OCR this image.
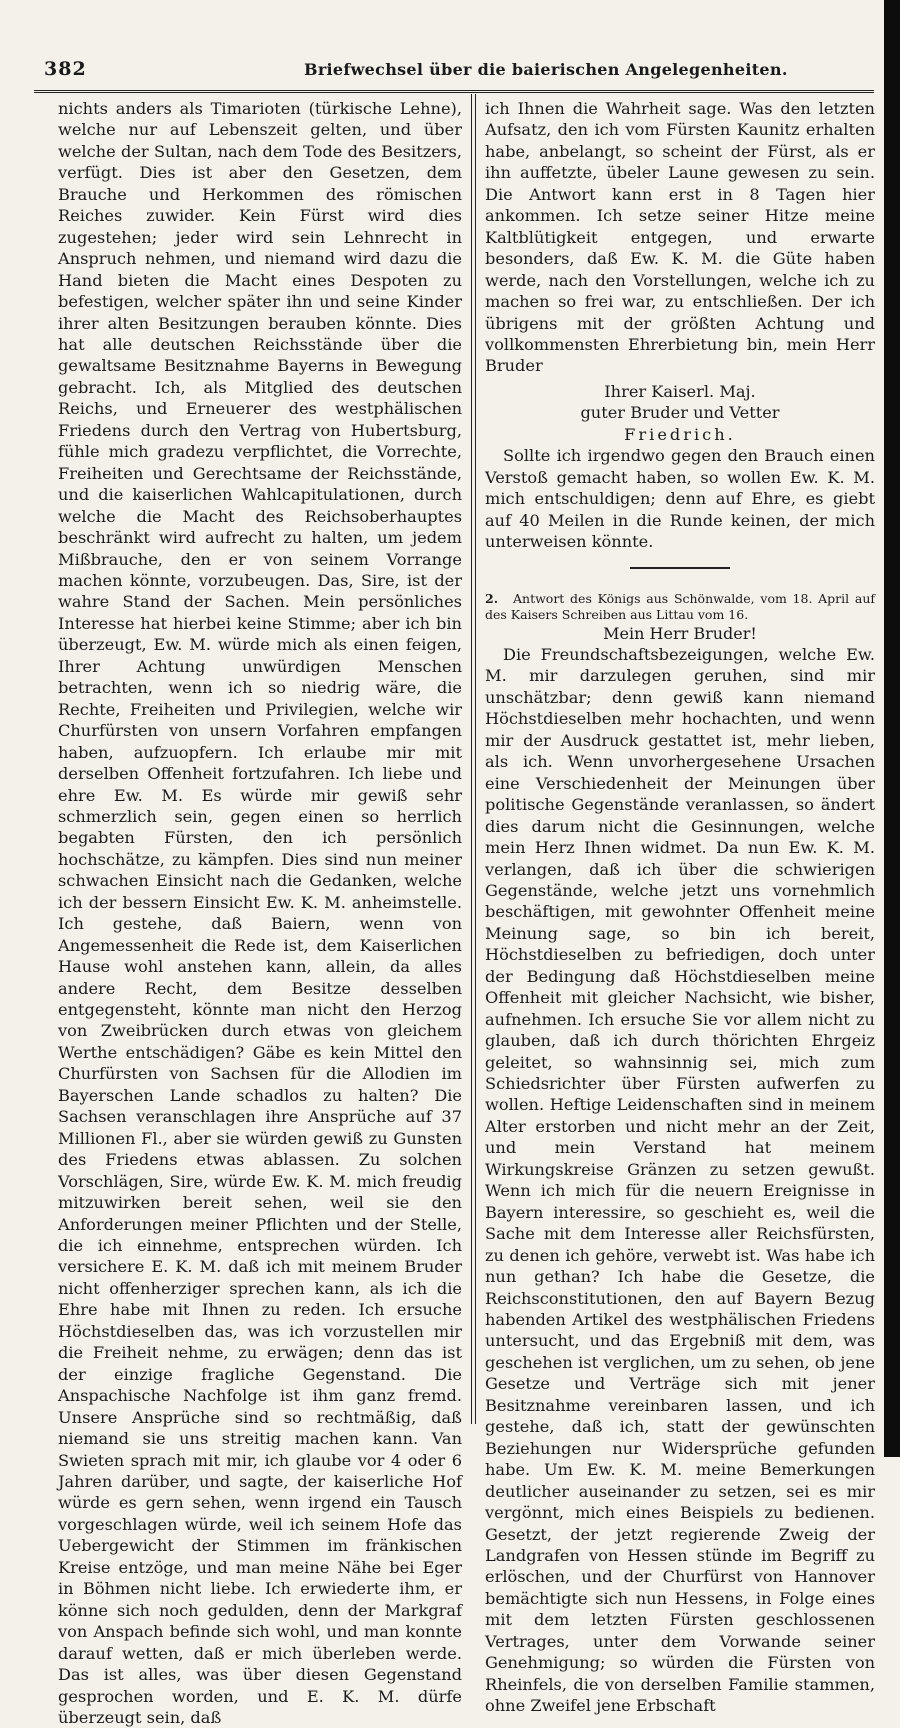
382	Briefwechsel über die baierischen Angelegenheiten.

nichts anders als Timarioten (türkische Lehne), welche nur auf Lebenszeit gelten, und über welche der Sultan, nach dem Tode des Besitzers, verfügt. Dies ist aber den Gesetzen, dem Brauche und Herkommen des römischen Reiches zuwider. Kein Fürst wird dies zugestehen; jeder wird sein Lehnrecht in Anspruch nehmen, und niemand wird dazu die Hand bieten die Macht eines Despoten zu befestigen, welcher später ihn und seine Kinder ihrer alten Besitzungen berauben könnte. Dies hat alle deutschen Reichsstände über die gewaltsame Besitznahme Bayerns in Bewegung gebracht. Ich, als Mitglied des deutschen Reichs, und Erneuerer des westphälischen Friedens durch den Vertrag von Hubertsburg, fühle mich gradezu verpflichtet, die Vorrechte, Freiheiten und Gerechtsame der Reichsstände, und die kaiserlichen Wahlcapitulationen, durch welche die Macht des Reichsoberhauptes beschränkt wird aufrecht zu halten, um jedem Mißbrauche, den er von seinem Vorrange machen könnte, vorzubeugen. Das, Sire, ist der wahre Stand der Sachen. Mein persönliches Interesse hat hierbei keine Stimme; aber ich bin überzeugt, Ew. M. würde mich als einen feigen, Ihrer Achtung unwürdigen Menschen betrachten, wenn ich so niedrig wäre, die Rechte, Freiheiten und Privilegien, welche wir Churfürsten von unsern Vorfahren empfangen haben, aufzuopfern. Ich erlaube mir mit derselben Offenheit fortzufahren. Ich liebe und ehre Ew. M. Es würde mir gewiß sehr schmerzlich sein, gegen einen so herrlich begabten Fürsten, den ich persönlich hochschätze, zu kämpfen. Dies sind nun meiner schwachen Einsicht nach die Gedanken, welche ich der bessern Einsicht Ew. K. M. anheimstelle. Ich gestehe, daß Baiern, wenn von Angemessenheit die Rede ist, dem Kaiserlichen Hause wohl anstehen kann, allein, da alles andere Recht, dem Besitze desselben entgegensteht, könnte man nicht den Herzog von Zweibrücken durch etwas von gleichem Werthe entschädigen? Gäbe es kein Mittel den Churfürsten von Sachsen für die Allodien im Bayerschen Lande schadlos zu halten? Die Sachsen veranschlagen ihre Ansprüche auf 37 Millionen Fl., aber sie würden gewiß zu Gunsten des Friedens etwas ablassen. Zu solchen Vorschlägen, Sire, würde Ew. K. M. mich freudig mitzuwirken bereit sehen, weil sie den Anforderungen meiner Pflichten und der Stelle, die ich einnehme, entsprechen würden. Ich versichere E. K. M. daß ich mit meinem Bruder nicht offenherziger sprechen kann, als ich die Ehre habe mit Ihnen zu reden. Ich ersuche Höchstdieselben das, was ich vorzustellen mir die Freiheit nehme, zu erwägen; denn das ist der einzige fragliche Gegenstand. Die Anspachische Nachfolge ist ihm ganz fremd. Unsere Ansprüche sind so rechtmäßig, daß niemand sie uns streitig machen kann. Van Swieten sprach mit mir, ich glaube vor 4 oder 6 Jahren darüber, und sagte, der kaiserliche Hof würde es gern sehen, wenn irgend ein Tausch vorgeschlagen würde, weil ich seinem Hofe das Uebergewicht der Stimmen im fränkischen Kreise entzöge, und man meine Nähe bei Eger in Böhmen nicht liebe. Ich erwiederte ihm, er könne sich noch gedulden, denn der Markgraf von Anspach befinde sich wohl, und man konnte darauf wetten, daß er mich überleben werde. Das ist alles, was über diesen Gegenstand gesprochen worden, und E. K. M. dürfe überzeugt sein, daß

ich Ihnen die Wahrheit sage. Was den letzten Aufsatz, den ich vom Fürsten Kaunitz erhalten habe, anbelangt, so scheint der Fürst, als er ihn auffetzte, übeler Laune gewesen zu sein. Die Antwort kann erst in 8 Tagen hier ankommen. Ich setze seiner Hitze meine Kaltblütigkeit entgegen, und erwarte besonders, daß Ew. K. M. die Güte haben werde, nach den Vorstellungen, welche ich zu machen so frei war, zu entschließen. Der ich übrigens mit der größten Achtung und vollkommensten Ehrerbietung bin, mein Herr Bruder

Ihrer Kaiserl. Maj.
guter Bruder und Vetter
Friedrich.

Sollte ich irgendwo gegen den Brauch einen Verstoß gemacht haben, so wollen Ew. K. M. mich entschuldigen; denn auf Ehre, es giebt auf 40 Meilen in die Runde keinen, der mich unterweisen könnte.

2. Antwort des Königs aus Schönwalde, vom 18. April auf des Kaisers Schreiben aus Littau vom 16.

Mein Herr Bruder!

Die Freundschaftsbezeigungen, welche Ew. M. mir darzulegen geruhen, sind mir unschätzbar; denn gewiß kann niemand Höchstdieselben mehr hochachten, und wenn mir der Ausdruck gestattet ist, mehr lieben, als ich. Wenn unvorhergesehene Ursachen eine Verschiedenheit der Meinungen über politische Gegenstände veranlassen, so ändert dies darum nicht die Gesinnungen, welche mein Herz Ihnen widmet. Da nun Ew. K. M. verlangen, daß ich über die schwierigen Gegenstände, welche jetzt uns vornehmlich beschäftigen, mit gewohnter Offenheit meine Meinung sage, so bin ich bereit, Höchstdieselben zu befriedigen, doch unter der Bedingung daß Höchstdieselben meine Offenheit mit gleicher Nachsicht, wie bisher, aufnehmen. Ich ersuche Sie vor allem nicht zu glauben, daß ich durch thörichten Ehrgeiz geleitet, so wahnsinnig sei, mich zum Schiedsrichter über Fürsten aufwerfen zu wollen. Heftige Leidenschaften sind in meinem Alter erstorben und nicht mehr an der Zeit, und mein Verstand hat meinem Wirkungskreise Gränzen zu setzen gewußt. Wenn ich mich für die neuern Ereignisse in Bayern interessire, so geschieht es, weil die Sache mit dem Interesse aller Reichsfürsten, zu denen ich gehöre, verwebt ist. Was habe ich nun gethan? Ich habe die Gesetze, die Reichsconstitutionen, den auf Bayern Bezug habenden Artikel des westphälischen Friedens untersucht, und das Ergebniß mit dem, was geschehen ist verglichen, um zu sehen, ob jene Gesetze und Verträge sich mit jener Besitznahme vereinbaren lassen, und ich gestehe, daß ich, statt der gewünschten Beziehungen nur Widersprüche gefunden habe. Um Ew. K. M. meine Bemerkungen deutlicher auseinander zu setzen, sei es mir vergönnt, mich eines Beispiels zu bedienen. Gesetzt, der jetzt regierende Zweig der Landgrafen von Hessen stünde im Begriff zu erlöschen, und der Churfürst von Hannover bemächtigte sich nun Hessens, in Folge eines mit dem letzten Fürsten geschlossenen Vertrages, unter dem Vorwande seiner Genehmigung; so würden die Fürsten von Rheinfels, die von derselben Familie stammen, ohne Zweifel jene Erbschaft
